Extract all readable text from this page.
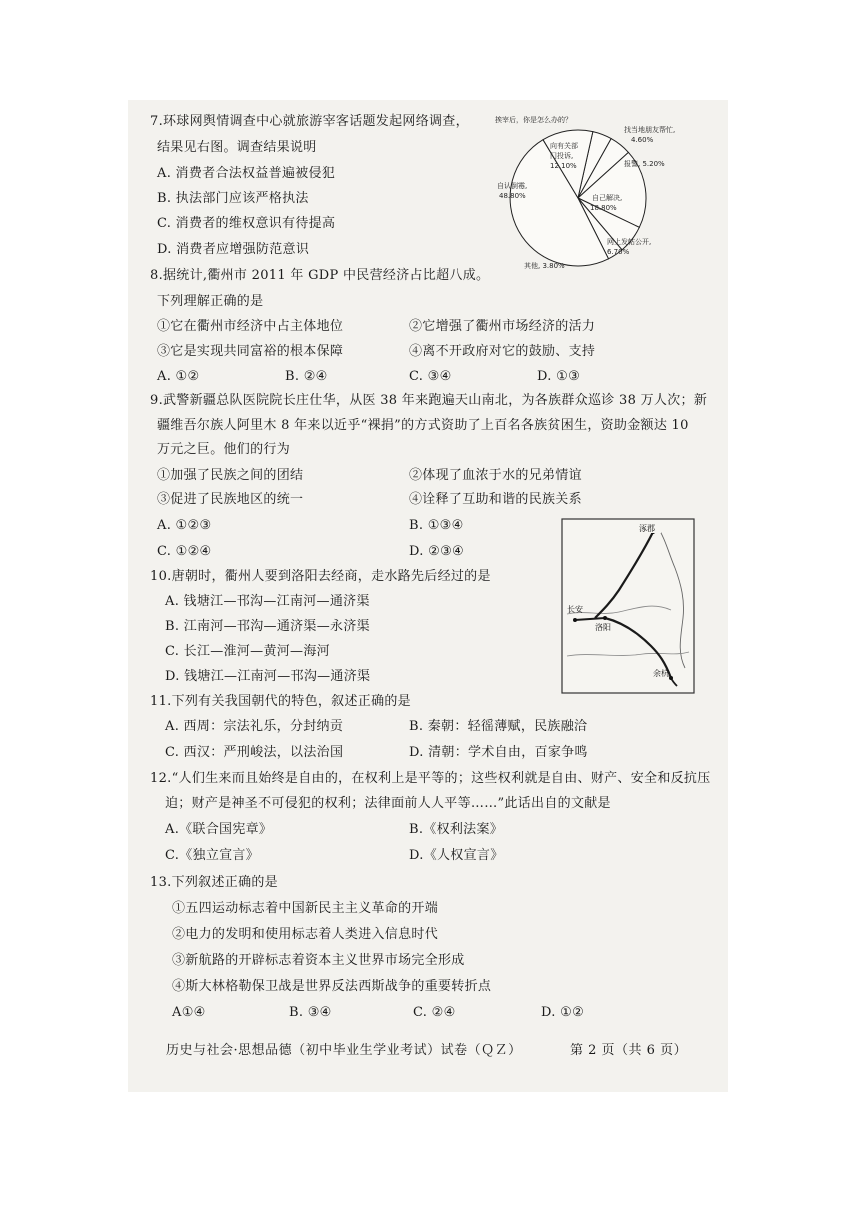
7.环球网舆情调查中心就旅游宰客话题发起网络调查，
结果见右图。调查结果说明
A. 消费者合法权益普遍被侵犯
B. 执法部门应该严格执法
C. 消费者的维权意识有待提高
D. 消费者应增强防范意识
挨宰后，你是怎么办的？
找当地朋友帮忙,
4.60%
报警, 5.20%
自己解决,
18.80%
网上发帖公开,
6.70%
其他, 3.80%
自认倒霉,
48.80%
向有关部
门投诉,
12.10%
8.据统计,衢州市 2011 年 GDP 中民营经济占比超八成。
下列理解正确的是
①它在衢州市经济中占主体地位	②它增强了衢州市场经济的活力
③它是实现共同富裕的根本保障	④离不开政府对它的鼓励、支持
A. ①②	B. ②④	C. ③④	D. ①③
9.武警新疆总队医院院长庄仕华，从医 38 年来跑遍天山南北，为各族群众巡诊 38 万人次；新
疆维吾尔族人阿里木 8 年来以近乎“裸捐”的方式资助了上百名各族贫困生，资助金额达 10
万元之巨。他们的行为
①加强了民族之间的团结	②体现了血浓于水的兄弟情谊
③促进了民族地区的统一	④诠释了互助和谐的民族关系
A. ①②③	B. ①③④
C. ①②④	D. ②③④
涿郡
长安
洛阳
余杭
10.唐朝时，衢州人要到洛阳去经商，走水路先后经过的是
A. 钱塘江—邗沟—江南河—通济渠
B. 江南河—邗沟—通济渠—永济渠
C. 长江—淮河—黄河—海河
D. 钱塘江—江南河—邗沟—通济渠
11.下列有关我国朝代的特色，叙述正确的是
A. 西周：宗法礼乐，分封纳贡	B. 秦朝：轻徭薄赋，民族融洽
C. 西汉：严刑峻法，以法治国	D. 清朝：学术自由，百家争鸣
12.“人们生来而且始终是自由的，在权利上是平等的；这些权利就是自由、财产、安全和反抗压
迫；财产是神圣不可侵犯的权利；法律面前人人平等……”此话出自的文献是
A.《联合国宪章》	B.《权利法案》
C.《独立宣言》	D.《人权宣言》
13.下列叙述正确的是
①五四运动标志着中国新民主主义革命的开端
②电力的发明和使用标志着人类进入信息时代
③新航路的开辟标志着资本主义世界市场完全形成
④斯大林格勒保卫战是世界反法西斯战争的重要转折点
A①④	B. ③④	C. ②④	D. ①②
历史与社会·思想品德（初中毕业生学业考试）试卷（ＱＺ）	第 2 页（共 6 页）
